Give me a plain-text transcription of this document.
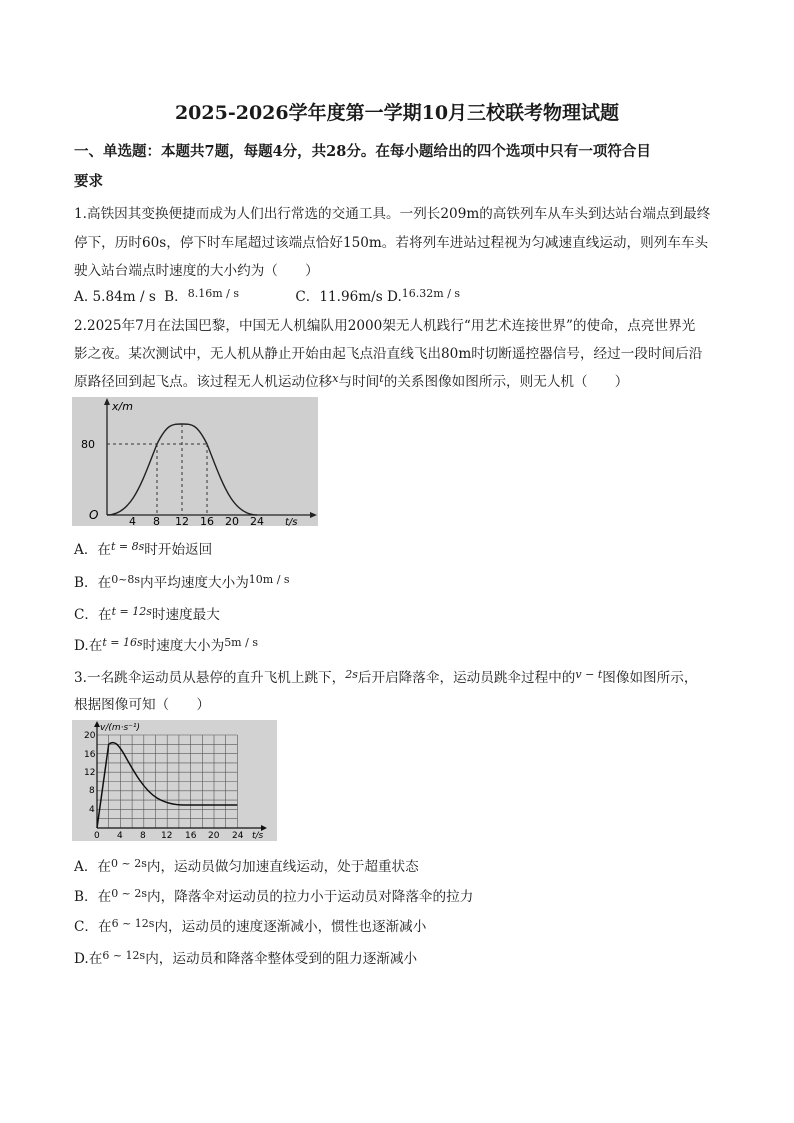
2025-2026学年度第一学期10月三校联考物理试题
一、单选题：本题共7题，每题4分，共28分。在每小题给出的四个选项中只有一项符合目
要求
1.高铁因其变换便捷而成为人们出行常选的交通工具。一列长209m的高铁列车从车头到达站台端点到最终
停下，历时60s，停下时车尾超过该端点恰好150m。若将列车进站过程视为匀减速直线运动，则列车车头
驶入站台端点时速度的大小约为（　　）
A. 5.84m / s B．$^{8.16m / s}$	C．11.96m/s D.$^{16.32m / s}$
2.2025年7月在法国巴黎，中国无人机编队用2000架无人机践行“用艺术连接世界”的使命，点亮世界光
影之夜。某次测试中，无人机从静止开始由起飞点沿直线飞出80m时切断遥控器信号，经过一段时间后沿
原路径回到起飞点。该过程无人机运动位移$^x$与时间$^t$的关系图像如图所示，则无人机（　　）
x/m
t/s
O
80
4 8 12 16 20 24
A．在$^{t = 8s}$时开始返回
B．在$^{0\sim 8s}$内平均速度大小为$^{10m / s}$
C．在$^{t = 12s}$时速度最大
D.在$^{t = 16s}$时速度大小为$^{5m / s}$
3.一名跳伞运动员从悬停的直升飞机上跳下，$^{2s}$后开启降落伞，运动员跳伞过程中的$^{v - t}$图像如图所示，
根据图像可知（　　）
v/(m·s⁻¹)
t/s
0
4
8
12
16
20
4 8 12 16 20 24
A．在$^{0 \sim 2s}$内，运动员做匀加速直线运动，处于超重状态
B．在$^{0 \sim 2s}$内，降落伞对运动员的拉力小于运动员对降落伞的拉力
C．在$^{6 \sim 12s}$内，运动员的速度逐渐减小，惯性也逐渐减小
D.在$^{6 \sim 12s}$内，运动员和降落伞整体受到的阻力逐渐减小
